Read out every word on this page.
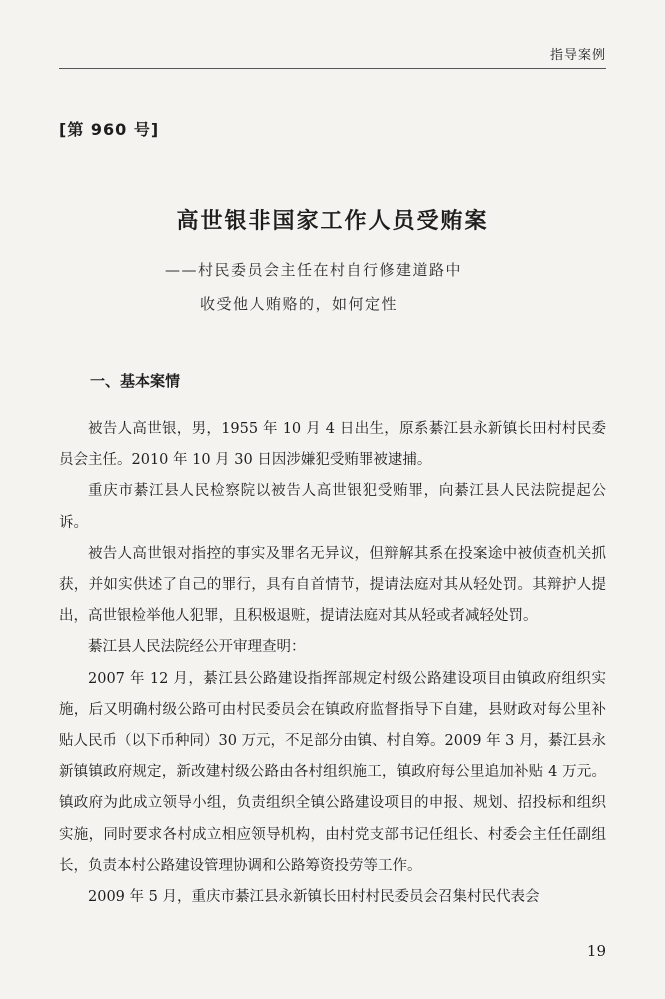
指导案例
[第 960 号]
高世银非国家工作人员受贿案
——村民委员会主任在村自行修建道路中
收受他人贿赂的，如何定性
一、基本案情

被告人高世银，男，1955 年 10 月 4 日出生，原系綦江县永新镇长田村村民委员会主任。2010 年 10 月 30 日因涉嫌犯受贿罪被逮捕。

重庆市綦江县人民检察院以被告人高世银犯受贿罪，向綦江县人民法院提起公诉。

被告人高世银对指控的事实及罪名无异议，但辩解其系在投案途中被侦查机关抓获，并如实供述了自己的罪行，具有自首情节，提请法庭对其从轻处罚。其辩护人提出，高世银检举他人犯罪，且积极退赃，提请法庭对其从轻或者减轻处罚。

綦江县人民法院经公开审理查明：

2007 年 12 月，綦江县公路建设指挥部规定村级公路建设项目由镇政府组织实施，后又明确村级公路可由村民委员会在镇政府监督指导下自建，县财政对每公里补贴人民币（以下币种同）30 万元，不足部分由镇、村自筹。2009 年 3 月，綦江县永新镇镇政府规定，新改建村级公路由各村组织施工，镇政府每公里追加补贴 4 万元。镇政府为此成立领导小组，负责组织全镇公路建设项目的申报、规划、招投标和组织实施，同时要求各村成立相应领导机构，由村党支部书记任组长、村委会主任任副组长，负责本村公路建设管理协调和公路筹资投劳等工作。

2009 年 5 月，重庆市綦江县永新镇长田村村民委员会召集村民代表会

19
